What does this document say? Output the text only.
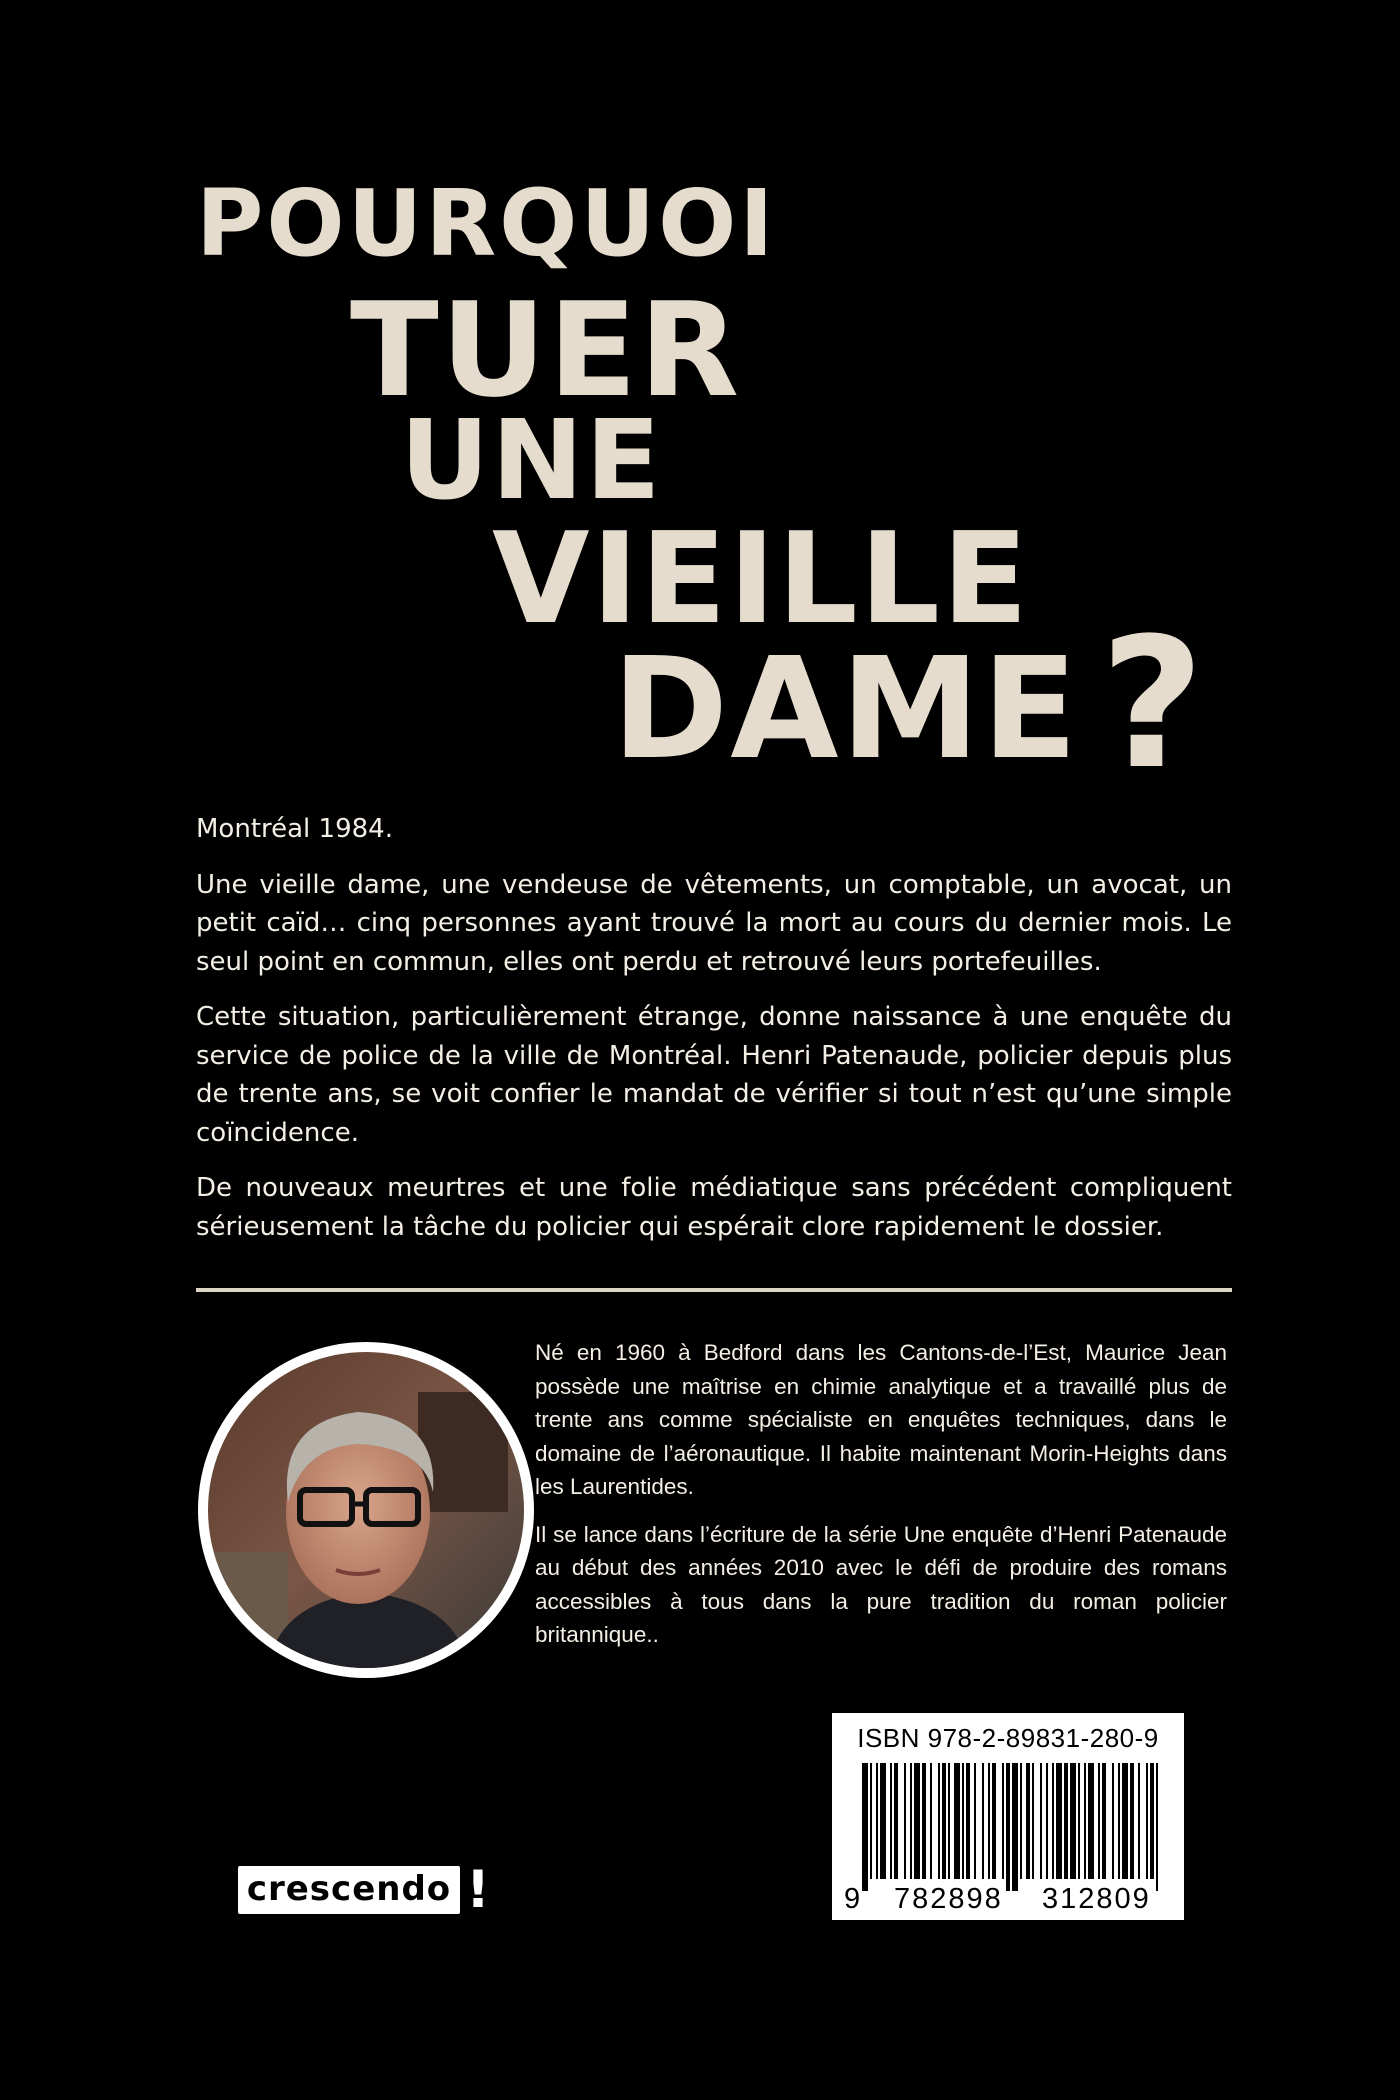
POURQUOI
TUER
UNE
VIEILLE
DAME ?

Montréal 1984.

Une vieille dame, une vendeuse de vêtements, un comptable, un avocat, un petit caïd… cinq personnes ayant trouvé la mort au cours du dernier mois. Le seul point en commun, elles ont perdu et retrouvé leurs portefeuilles.

Cette situation, particulièrement étrange, donne naissance à une enquête du service de police de la ville de Montréal. Henri Patenaude, policier depuis plus de trente ans, se voit confier le mandat de vérifier si tout n’est qu’une simple coïncidence.

De nouveaux meurtres et une folie médiatique sans précédent compliquent sérieusement la tâche du policier qui espérait clore rapidement le dossier.

Né en 1960 à Bedford dans les Cantons-de-l’Est, Maurice Jean possède une maîtrise en chimie analytique et a travaillé plus de trente ans comme spécialiste en enquêtes techniques, dans le domaine de l’aéronautique. Il habite maintenant Morin-Heights dans les Laurentides.

Il se lance dans l’écriture de la série Une enquête d’Henri Patenaude au début des années 2010 avec le défi de produire des romans accessibles à tous dans la pure tradition du roman policier britannique..

crescendo !
ISBN 978-2-89831-280-9
9 782898 312809
